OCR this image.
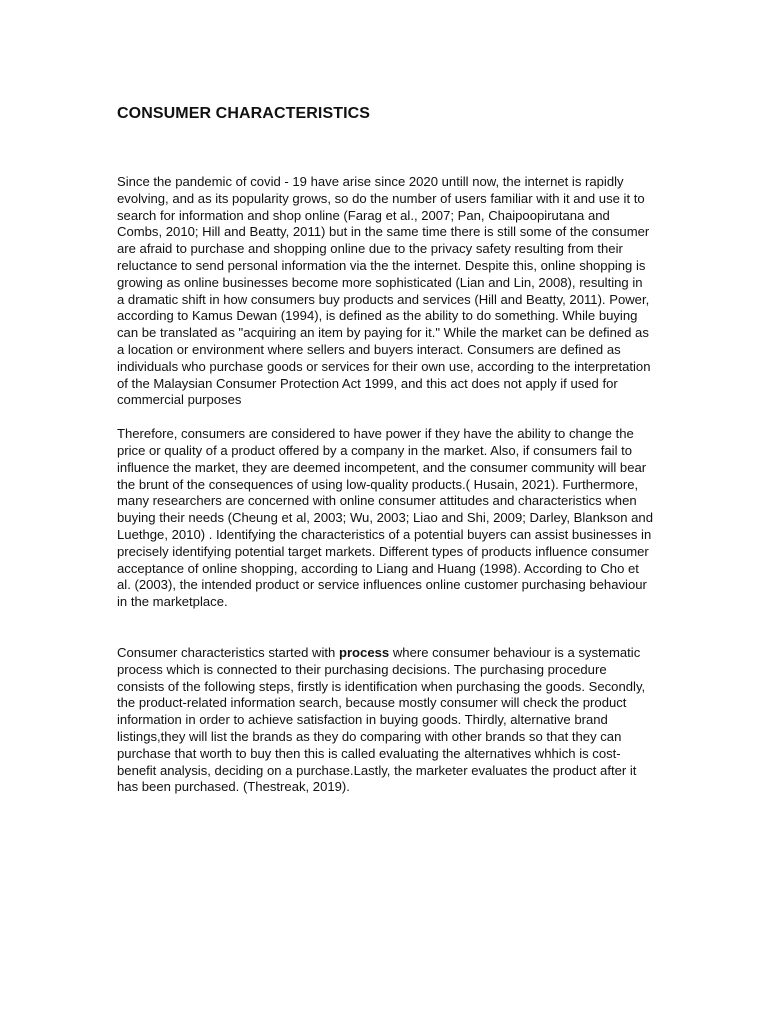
CONSUMER CHARACTERISTICS

Since the pandemic of covid - 19 have arise since 2020 untill now, the internet is rapidly evolving, and as its popularity grows, so do the number of users familiar with it and use it to search for information and shop online (Farag et al., 2007; Pan, Chaipoopirutana and Combs, 2010; Hill and Beatty, 2011) but in the same time there is still some of the consumer are afraid to purchase and shopping online due to the privacy safety resulting from their reluctance to send personal information via the the internet. Despite this, online shopping is growing as online businesses become more sophisticated (Lian and Lin, 2008), resulting in a dramatic shift in how consumers buy products and services (Hill and Beatty, 2011). Power, according to Kamus Dewan (1994), is defined as the ability to do something. While buying can be translated as "acquiring an item by paying for it." While the market can be defined as a location or environment where sellers and buyers interact. Consumers are defined as individuals who purchase goods or services for their own use, according to the interpretation of the Malaysian Consumer Protection Act 1999, and this act does not apply if used for commercial purposes

Therefore, consumers are considered to have power if they have the ability to change the price or quality of a product offered by a company in the market. Also, if consumers fail to influence the market, they are deemed incompetent, and the consumer community will bear the brunt of the consequences of using low-quality products.( Husain, 2021). Furthermore, many researchers are concerned with online consumer attitudes and characteristics when buying their needs (Cheung et al, 2003; Wu, 2003; Liao and Shi, 2009; Darley, Blankson and Luethge, 2010) . Identifying the characteristics of a potential buyers can assist businesses in precisely identifying potential target markets. Different types of products influence consumer acceptance of online shopping, according to Liang and Huang (1998). According to Cho et al. (2003), the intended product or service influences online customer purchasing behaviour in the marketplace.

Consumer characteristics started with process where consumer behaviour is a systematic process which is connected to their purchasing decisions. The purchasing procedure consists of the following steps, firstly is identification when purchasing the goods. Secondly, the product-related information search, because mostly consumer will check the product information in order to achieve satisfaction in buying goods. Thirdly, alternative brand listings,they will list the brands as they do comparing with other brands so that they can purchase that worth to buy then this is called evaluating the alternatives whhich is cost-benefit analysis, deciding on a purchase.Lastly, the marketer evaluates the product after it has been purchased. (Thestreak, 2019).
